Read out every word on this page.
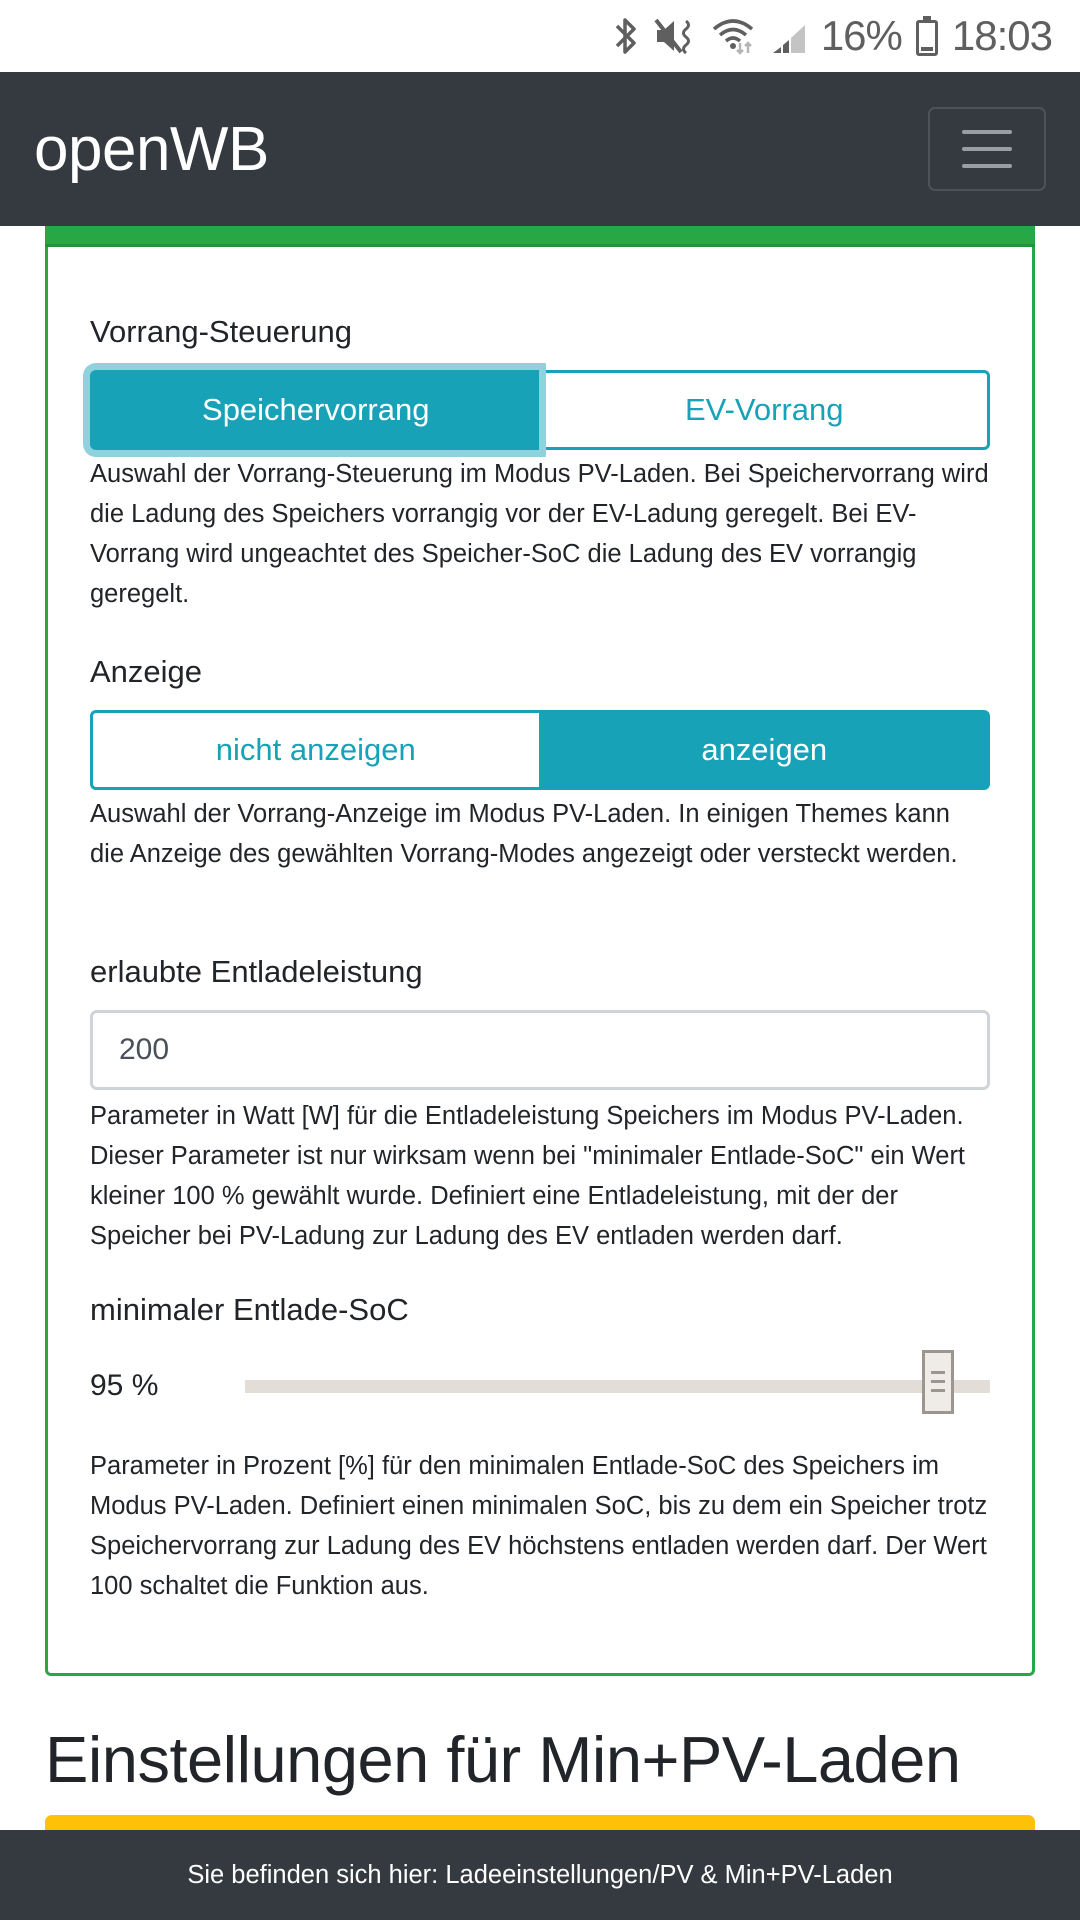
16% 18:03
openWB
Vorrang-Steuerung
Speichervorrang	EV-Vorrang
Auswahl der Vorrang-Steuerung im Modus PV-Laden. Bei Speichervorrang wird die Ladung des Speichers vorrangig vor der EV-Ladung geregelt. Bei EV-Vorrang wird ungeachtet des Speicher-SoC die Ladung des EV vorrangig geregelt.
Anzeige
nicht anzeigen	anzeigen
Auswahl der Vorrang-Anzeige im Modus PV-Laden. In einigen Themes kann die Anzeige des gewählten Vorrang-Modes angezeigt oder versteckt werden.
erlaubte Entladeleistung
200
Parameter in Watt [W] für die Entladeleistung Speichers im Modus PV-Laden. Dieser Parameter ist nur wirksam wenn bei "minimaler Entlade-SoC" ein Wert kleiner 100 % gewählt wurde. Definiert eine Entladeleistung, mit der der Speicher bei PV-Ladung zur Ladung des EV entladen werden darf.
minimaler Entlade-SoC
95 %
Parameter in Prozent [%] für den minimalen Entlade-SoC des Speichers im Modus PV-Laden. Definiert einen minimalen SoC, bis zu dem ein Speicher trotz Speichervorrang zur Ladung des EV höchstens entladen werden darf. Der Wert 100 schaltet die Funktion aus.
Einstellungen für Min+PV-Laden
Sie befinden sich hier: Ladeeinstellungen/PV & Min+PV-Laden
